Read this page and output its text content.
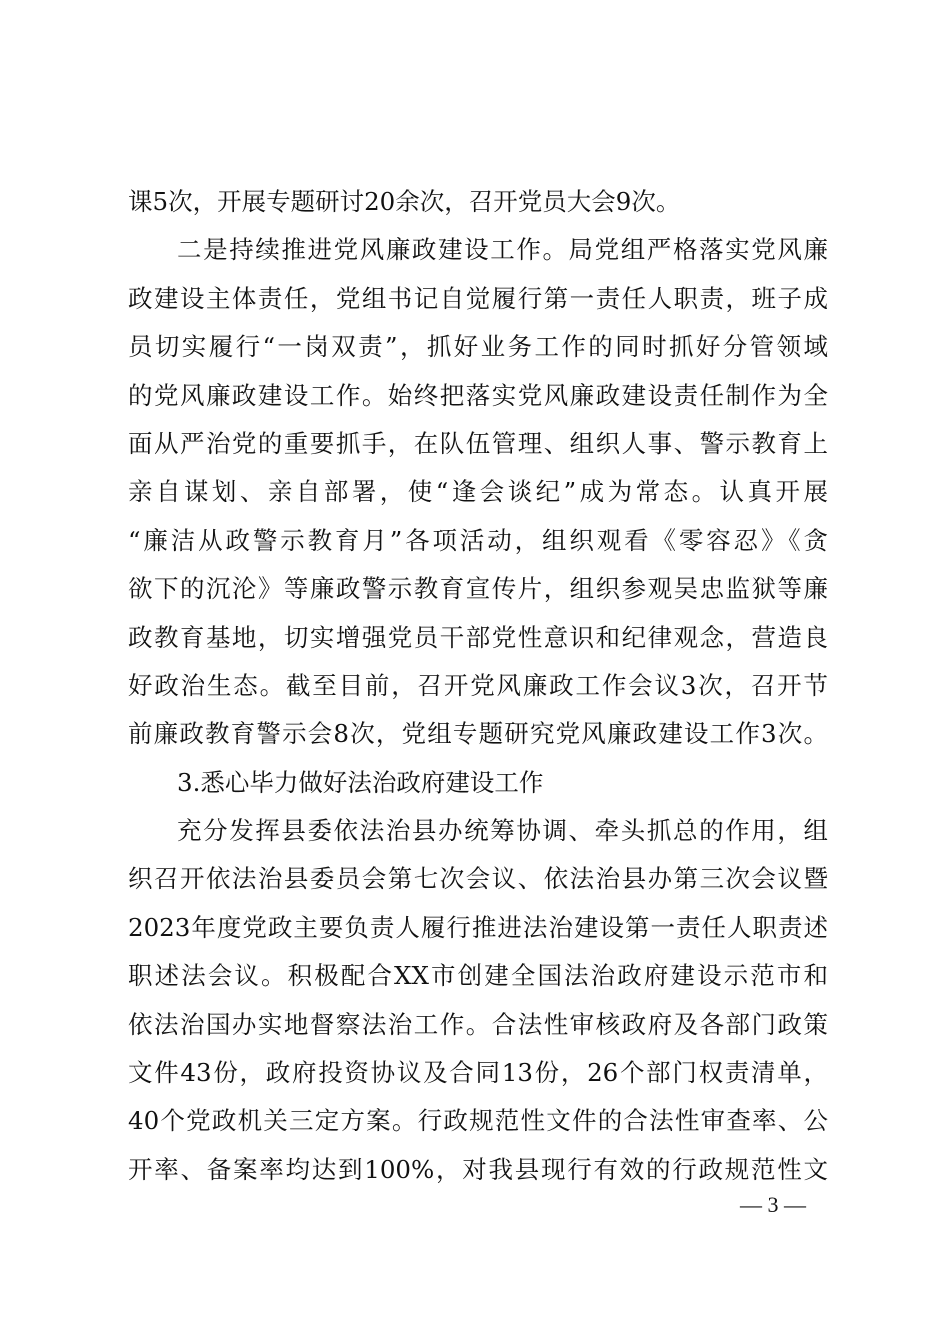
课5次，开展专题研讨20余次，召开党员大会9次。
二是持续推进党风廉政建设工作。局党组严格落实党风廉
政建设主体责任，党组书记自觉履行第一责任人职责，班子成
员切实履行“一岗双责”，抓好业务工作的同时抓好分管领域
的党风廉政建设工作。始终把落实党风廉政建设责任制作为全
面从严治党的重要抓手，在队伍管理、组织人事、警示教育上
亲自谋划、亲自部署，使“逢会谈纪”成为常态。认真开展
“廉洁从政警示教育月”各项活动，组织观看《零容忍》《贪
欲下的沉沦》等廉政警示教育宣传片，组织参观吴忠监狱等廉
政教育基地，切实增强党员干部党性意识和纪律观念，营造良
好政治生态。截至目前，召开党风廉政工作会议3次，召开节
前廉政教育警示会8次，党组专题研究党风廉政建设工作3次。
3.悉心毕力做好法治政府建设工作
充分发挥县委依法治县办统筹协调、牵头抓总的作用，组
织召开依法治县委员会第七次会议、依法治县办第三次会议暨
2023年度党政主要负责人履行推进法治建设第一责任人职责述
职述法会议。积极配合XX市创建全国法治政府建设示范市和
依法治国办实地督察法治工作。合法性审核政府及各部门政策
文件43份，政府投资协议及合同13份，26个部门权责清单，
40个党政机关三定方案。行政规范性文件的合法性审查率、公
开率、备案率均达到100%，对我县现行有效的行政规范性文
— 3 —
